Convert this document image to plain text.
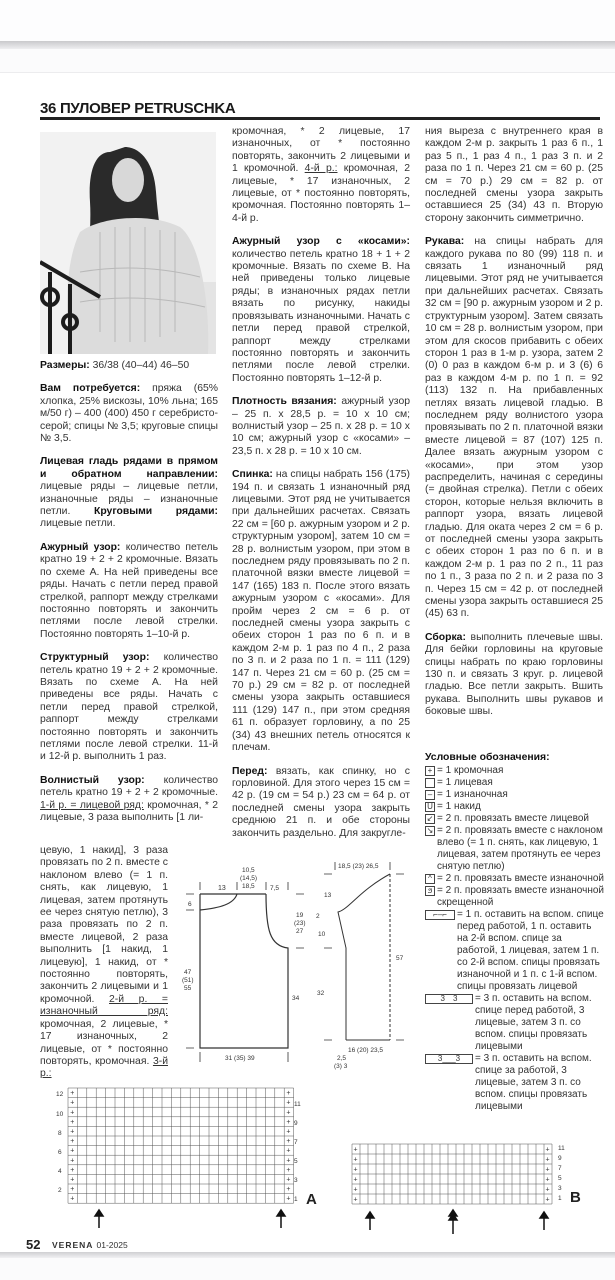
36 ПУЛОВЕР PETRUSCHKA

Размеры: 36/38 (40–44) 46–50

Вам потребуется: пряжа (65% хлопка, 25% вискозы, 10% льна; 165 м/50 г) – 400 (400) 450 г серебристо-серой; спицы № 3,5; круговые спицы № 3,5.

Лицевая гладь рядами в прямом и обратном направлении: лицевые ряды – лицевые петли, изнаночные ряды – изнаночные петли. Круговыми рядами: лицевые петли.

Ажурный узор: количество петель кратно 19 + 2 + 2 кромочные. Вязать по схеме А. На ней приведены все ряды. Начать с петли перед правой стрелкой, раппорт между стрелками постоянно повторять и закончить петлями после левой стрелки. Постоянно повторять 1–10-й р.

Структурный узор: количество петель кратно 19 + 2 + 2 кромочные. Вязать по схеме А. На ней приведены все ряды. Начать с петли перед правой стрелкой, раппорт между стрелками постоянно повторять и закончить петлями после левой стрелки. 11-й и 12-й р. выполнить 1 раз.

Волнистый узор: количество петель кратно 19 + 2 + 2 кромочные. 1-й р. = лицевой ряд: кромочная, * 2 лицевые, 3 раза выполнить [1 ли-

цевую, 1 накид], 3 раза провязать по 2 п. вместе с наклоном влево (= 1 п. снять, как лицевую, 1 лицевая, затем протянуть ее через снятую петлю), 3 раза провязать по 2 п. вместе лицевой, 2 раза выполнить [1 накид, 1 лицевую], 1 накид, от * постоянно повторять, закончить 2 лицевыми и 1 кромочной. 2-й р. = изнаночный ряд: кромочная, 2 лицевые, * 17 изнаночных, 2 лицевые, от * постоянно повторять, кромочная. 3-й р.:

кромочная, * 2 лицевые, 17 изнаночных, от * постоянно повторять, закончить 2 лицевыми и 1 кромочной. 4-й р.: кромочная, 2 лицевые, * 17 изнаночных, 2 лицевые, от * постоянно повторять, кромочная. Постоянно повторять 1–4-й р.

Ажурный узор с «косами»: количество петель кратно 18 + 1 + 2 кромочные. Вязать по схеме В. На ней приведены только лицевые ряды; в изнаночных рядах петли вязать по рисунку, накиды провязывать изнаночными. Начать с петли перед правой стрелкой, раппорт между стрелками постоянно повторять и закончить петлями после левой стрелки. Постоянно повторять 1–12-й р.

Плотность вязания: ажурный узор – 25 п. x 28,5 р. = 10 x 10 см; волнистый узор – 25 п. x 28 р. = 10 x 10 см; ажурный узор с «косами» – 23,5 п. x 28 р. = 10 x 10 см.

Спинка: на спицы набрать 156 (175) 194 п. и связать 1 изнаночный ряд лицевыми. Этот ряд не учитывается при дальнейших расчетах. Связать 22 см = [60 р. ажурным узором и 2 р. структурным узором], затем 10 см = 28 р. волнистым узором, при этом в последнем ряду провязывать по 2 п. платочной вязки вместе лицевой = 147 (165) 183 п. После этого вязать ажурным узором с «косами». Для пройм через 2 см = 6 р. от последней смены узора закрыть с обеих сторон 1 раз по 6 п. и в каждом 2-м р. 1 раз по 4 п., 2 раза по 3 п. и 2 раза по 1 п. = 111 (129) 147 п. Через 21 см = 60 р. (25 см = 70 р.) 29 см = 82 р. от последней смены узора закрыть оставшиеся 111 (129) 147 п., при этом средняя 61 п. образует горловину, а по 25 (34) 43 внешних петель относятся к плечам.

Перед: вязать, как спинку, но с горловиной. Для этого через 15 см = 42 р. (19 см = 54 р.) 23 см = 64 р. от последней смены узора закрыть среднюю 21 п. и обе стороны закончить раздельно. Для закругле-

ния выреза с внутреннего края в каждом 2-м р. закрыть 1 раз 6 п., 1 раз 5 п., 1 раз 4 п., 1 раз 3 п. и 2 раза по 1 п. Через 21 см = 60 р. (25 см = 70 р.) 29 см = 82 р. от последней смены узора закрыть оставшиеся 25 (34) 43 п. Вторую сторону закончить симметрично.

Рукава: на спицы набрать для каждого рукава по 80 (99) 118 п. и связать 1 изнаночный ряд лицевыми. Этот ряд не учитывается при дальнейших расчетах. Связать 32 см = [90 р. ажурным узором и 2 р. структурным узором]. Затем связать 10 см = 28 р. волнистым узором, при этом для скосов прибавить с обеих сторон 1 раз в 1-м р. узора, затем 2 (0) 0 раз в каждом 6-м р. и 3 (6) 6 раз в каждом 4-м р. по 1 п. = 92 (113) 132 п. На прибавленных петлях вязать лицевой гладью. В последнем ряду волнистого узора провязывать по 2 п. платочной вязки вместе лицевой = 87 (107) 125 п. Далее вязать ажурным узором с «косами», при этом узор распределить, начиная с середины (= двойная стрелка). Петли с обеих сторон, которые нельзя включить в раппорт узора, вязать лицевой гладью. Для оката через 2 см = 6 р. от последней смены узора закрыть с обеих сторон 1 раз по 6 п. и в каждом 2-м р. 1 раз по 2 п., 11 раз по 1 п., 3 раза по 2 п. и 2 раза по 3 п. Через 15 см = 42 р. от последней смены узора закрыть оставшиеся 25 (45) 63 п.

Сборка: выполнить плечевые швы. Для бейки горловины на круговые спицы набрать по краю горловины 130 п. и связать 3 круг. р. лицевой гладью. Все петли закрыть. Вшить рукава. Выполнить швы рукавов и боковые швы.

Условные обозначения:
+ = 1 кромочная
= 1 лицевая
– = 1 изнаночная
U = 1 накид
↙ = 2 п. провязать вместе лицевой
↘ = 2 п. провязать вместе с наклоном влево (= 1 п. снять, как лицевую, 1 лицевая, затем протянуть ее через снятую петлю)
^ = 2 п. провязать вместе изнаночной
ϧ = 2 п. провязать вместе изнаночной скрещенной
⌐–⌐	= 1 п. оставить на вспом. спице перед работой, 1 п. оставить на 2-й вспом. спице за работой, 1 лицевая, затем 1 п. со 2-й вспом. спицы провязать изнаночной и 1 п. с 1-й вспом. спицы провязать лицевой
3‾‾‾3	= 3 п. оставить на вспом. спице перед работой, 3 лицевые, затем 3 п. со вспом. спицы провязать лицевыми
3___3	= 3 п. оставить на вспом. спице за работой, 3 лицевые, затем 3 п. со вспом. спицы провязать лицевыми
13
10,5
(14,5)
18,5 7,5
6
19
(23)
27
47
(51)
55
34
31 (35) 39
18,5 (23) 26,5
13
2
10
32
57
16 (20) 23,5
2,5
(3) 3
+	+
+	+
+	+
+	+
+	+
+	+
+	+
+	+
+	+
+	+
+	+
+	+
12
10
8
6
4
2
11
9
7
5
3
1 A
+	+
+	+
+	+
+	+
+	+
+	+
11
9
7
5
3
1 B
52 VERENA 01-2025
